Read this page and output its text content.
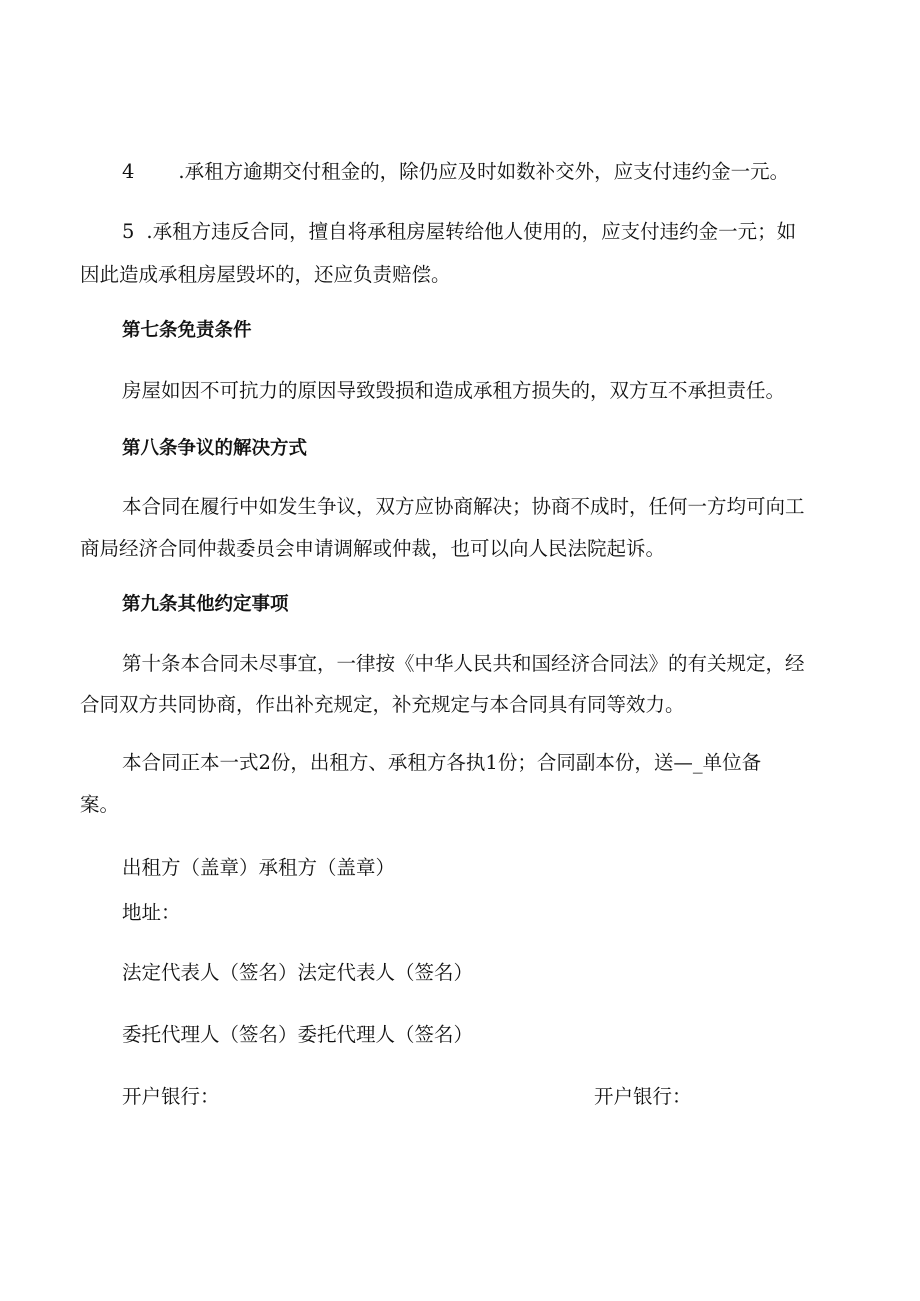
4 .承租方逾期交付租金的，除仍应及时如数补交外，应支付违约金一元。
5 .承租方违反合同，擅自将承租房屋转给他人使用的，应支付违约金一元；如
因此造成承租房屋毁坏的，还应负责赔偿。
第七条免责条件
房屋如因不可抗力的原因导致毁损和造成承租方损失的，双方互不承担责任。
第八条争议的解决方式
本合同在履行中如发生争议，双方应协商解决；协商不成时，任何一方均可向工
商局经济合同仲裁委员会申请调解或仲裁，也可以向人民法院起诉。
第九条其他约定事项
第十条本合同未尽事宜，一律按《中华人民共和国经济合同法》的有关规定，经
合同双方共同协商，作出补充规定，补充规定与本合同具有同等效力。
本合同正本一式2份，出租方、承租方各执1份；合同副本份，送—_单位备
案。
出租方（盖章）承租方（盖章）
地址：
法定代表人（签名）法定代表人（签名）
委托代理人（签名）委托代理人（签名）
开户银行：	开户银行：
